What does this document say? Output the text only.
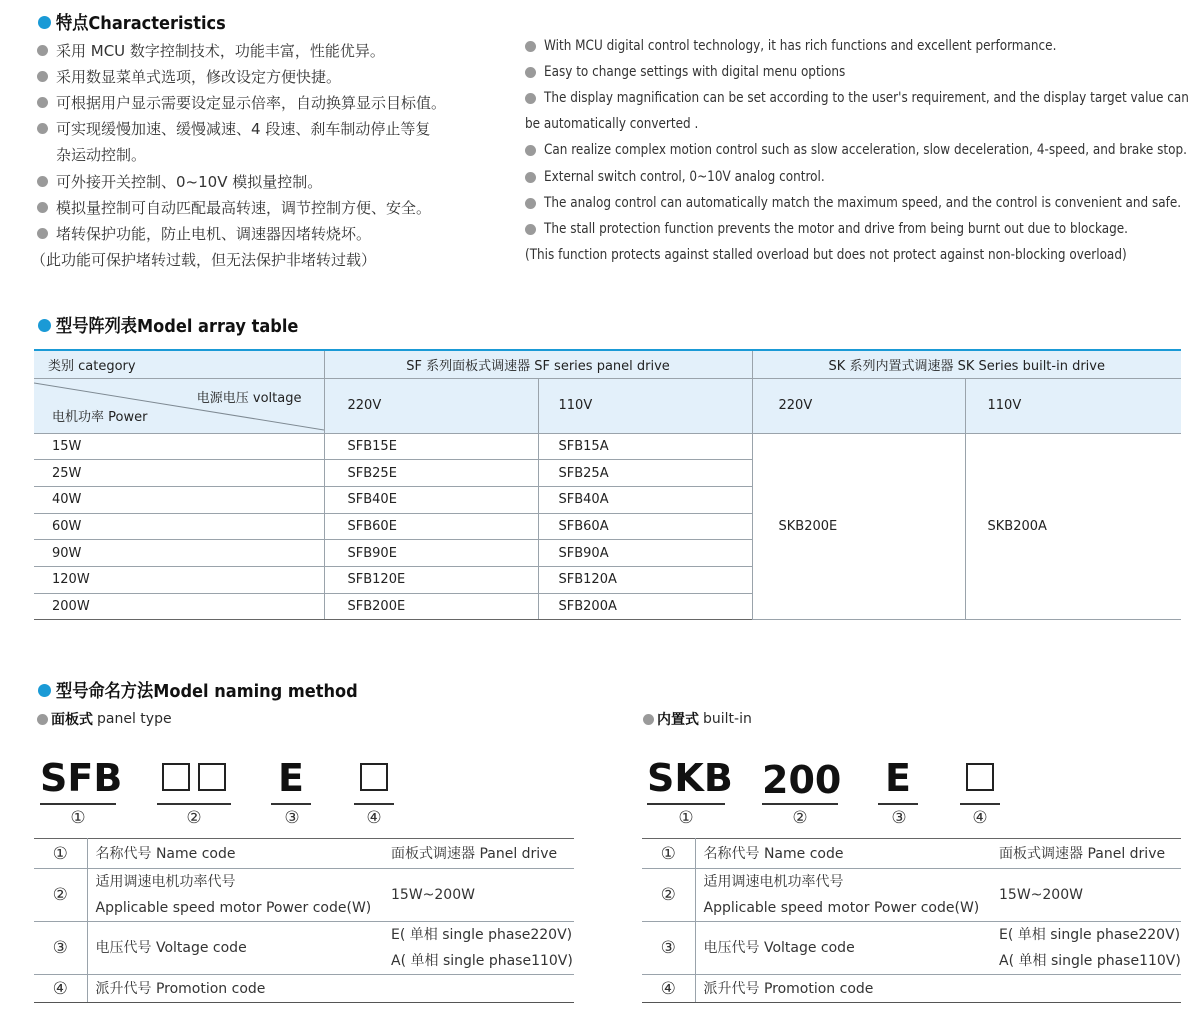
特点Characteristics
采用 MCU 数字控制技术，功能丰富，性能优异。
采用数显菜单式选项，修改设定方便快捷。
可根据用户显示需要设定显示倍率，自动换算显示目标值。
可实现缓慢加速、缓慢减速、4 段速、刹车制动停止等复
杂运动控制。
可外接开关控制、0~10V 模拟量控制。
模拟量控制可自动匹配最高转速，调节控制方便、安全。
堵转保护功能，防止电机、调速器因堵转烧坏。
（此功能可保护堵转过载，但无法保护非堵转过载）
With MCU digital control technology, it has rich functions and excellent performance.
Easy to change settings with digital menu options
The display magnification can be set according to the user's requirement, and the display target value can
be automatically converted .
Can realize complex motion control such as slow acceleration, slow deceleration, 4-speed, and brake stop.
External switch control, 0~10V analog control.
The analog control can automatically match the maximum speed, and the control is convenient and safe.
The stall protection function prevents the motor and drive from being burnt out due to blockage.
(This function protects against stalled overload but does not protect against non-blocking overload)
型号阵列表Model array table
类别 category	SF 系列面板式调速器 SF series panel drive		SK 系列内置式调速器 SK Series built-in drive	

电源电压 voltage
电机功率 Power	220V	110V	220V	110V
15W	SFB15E	SFB15A	SKB200E	SKB200A
25W	SFB25E	SFB25A		
40W	SFB40E	SFB40A		
60W	SFB60E	SFB60A		
90W	SFB90E	SFB90A		
120W	SFB120E	SFB120A		
200W	SFB200E	SFB200A		
型号命名方法Model naming method
面板式 panel type
SFB	E
①	②	③	④
①	名称代号 Name code	面板式调速器 Panel drive
②	适用调速电机功率代号
Applicable speed motor Power code(W)	15W~200W
③	电压代号 Voltage code	E( 单相 single phase220V)
A( 单相 single phase110V)

④	派升代号 Promotion code	
内置式 built-in
SKB 200 E
①	②	③	④
①	名称代号 Name code	面板式调速器 Panel drive
②	适用调速电机功率代号
Applicable speed motor Power code(W)	15W~200W
③	电压代号 Voltage code	E( 单相 single phase220V)
A( 单相 single phase110V)

④	派升代号 Promotion code	
